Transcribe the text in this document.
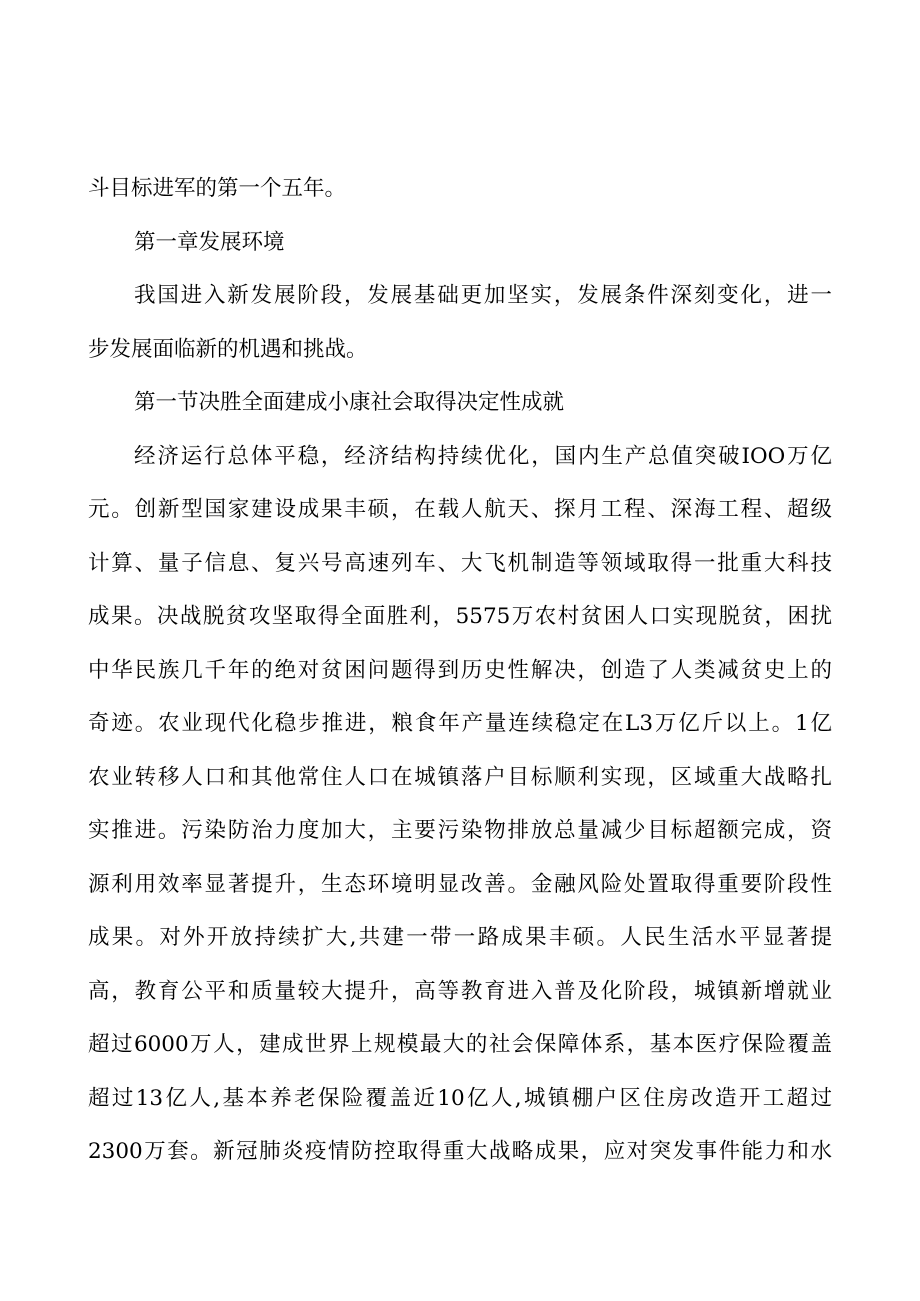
斗目标进军的第一个五年。

第一章发展环境

我国进入新发展阶段，发展基础更加坚实，发展条件深刻变化，进一

步发展面临新的机遇和挑战。

第一节决胜全面建成小康社会取得决定性成就

经济运行总体平稳，经济结构持续优化，国内生产总值突破IOO万亿

元。创新型国家建设成果丰硕，在载人航天、探月工程、深海工程、超级

计算、量子信息、复兴号高速列车、大飞机制造等领域取得一批重大科技

成果。决战脱贫攻坚取得全面胜利，5575万农村贫困人口实现脱贫，困扰

中华民族几千年的绝对贫困问题得到历史性解决，创造了人类减贫史上的

奇迹。农业现代化稳步推进，粮食年产量连续稳定在L3万亿斤以上。1亿

农业转移人口和其他常住人口在城镇落户目标顺利实现，区域重大战略扎

实推进。污染防治力度加大，主要污染物排放总量减少目标超额完成，资

源利用效率显著提升，生态环境明显改善。金融风险处置取得重要阶段性

成果。对外开放持续扩大,共建一带一路成果丰硕。人民生活水平显著提

高，教育公平和质量较大提升，高等教育进入普及化阶段，城镇新增就业

超过6000万人，建成世界上规模最大的社会保障体系，基本医疗保险覆盖

超过13亿人,基本养老保险覆盖近10亿人,城镇棚户区住房改造开工超过

2300万套。新冠肺炎疫情防控取得重大战略成果，应对突发事件能力和水
